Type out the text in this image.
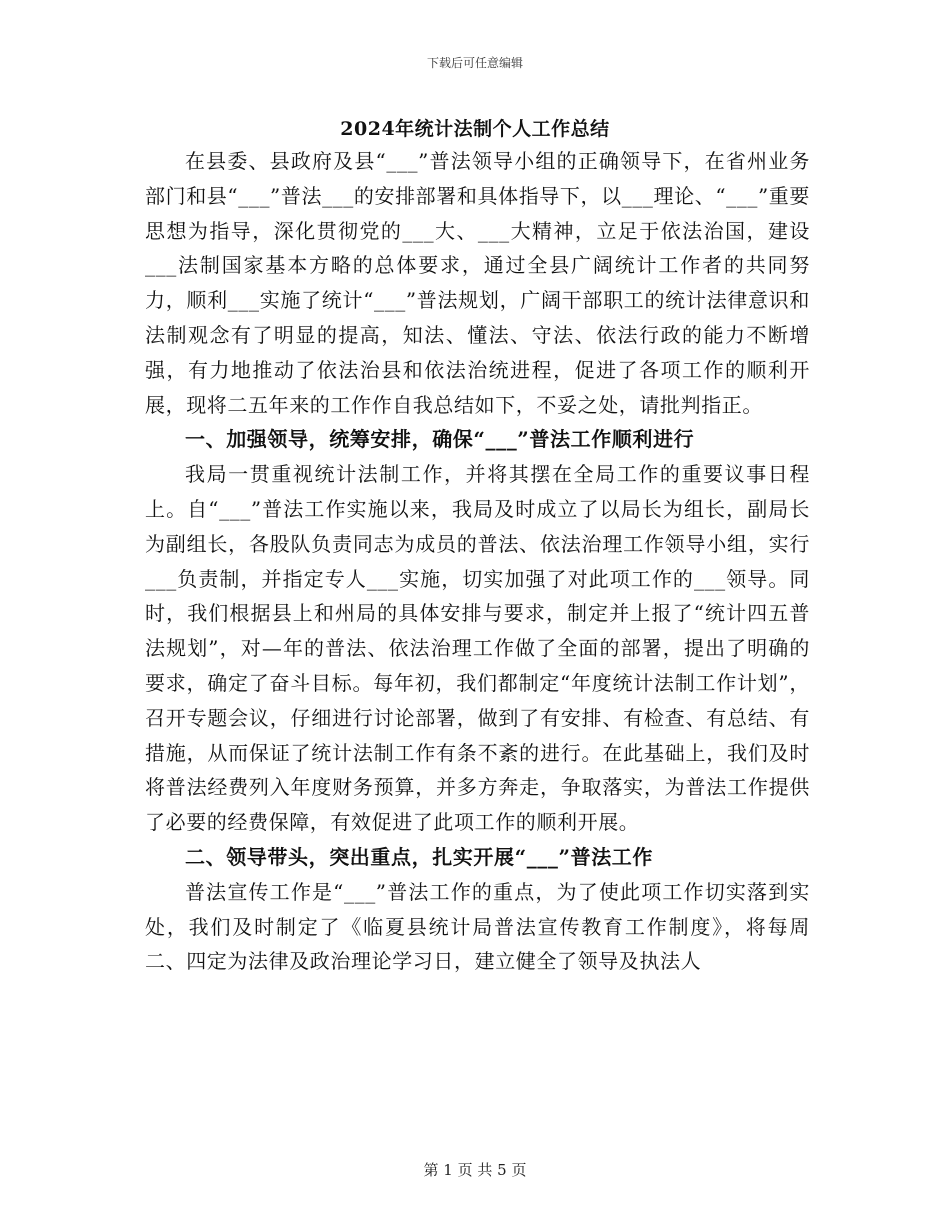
下载后可任意编辑
2024年统计法制个人工作总结

在县委、县政府及县“___”普法领导小组的正确领导下，在省州业务部门和县“___”普法___的安排部署和具体指导下，以___理论、“___”重要思想为指导，深化贯彻党的___大、___大精神，立足于依法治国，建设___法制国家基本方略的总体要求，通过全县广阔统计工作者的共同努力，顺利___实施了统计“___”普法规划，广阔干部职工的统计法律意识和法制观念有了明显的提高，知法、懂法、守法、依法行政的能力不断增强，有力地推动了依法治县和依法治统进程，促进了各项工作的顺利开展，现将二五年来的工作作自我总结如下，不妥之处，请批判指正。

一、加强领导，统筹安排，确保“___”普法工作顺利进行

我局一贯重视统计法制工作，并将其摆在全局工作的重要议事日程上。自“___”普法工作实施以来，我局及时成立了以局长为组长，副局长为副组长，各股队负责同志为成员的普法、依法治理工作领导小组，实行___负责制，并指定专人___实施，切实加强了对此项工作的___领导。同时，我们根据县上和州局的具体安排与要求，制定并上报了“统计四五普法规划”，对—年的普法、依法治理工作做了全面的部署，提出了明确的要求，确定了奋斗目标。每年初，我们都制定“年度统计法制工作计划”，召开专题会议，仔细进行讨论部署，做到了有安排、有检查、有总结、有措施，从而保证了统计法制工作有条不紊的进行。在此基础上，我们及时将普法经费列入年度财务预算，并多方奔走，争取落实，为普法工作提供了必要的经费保障，有效促进了此项工作的顺利开展。

二、领导带头，突出重点，扎实开展“___”普法工作

普法宣传工作是“___”普法工作的重点，为了使此项工作切实落到实处，我们及时制定了《临夏县统计局普法宣传教育工作制度》，将每周二、四定为法律及政治理论学习日，建立健全了领导及执法人

第 1 页 共 5 页
